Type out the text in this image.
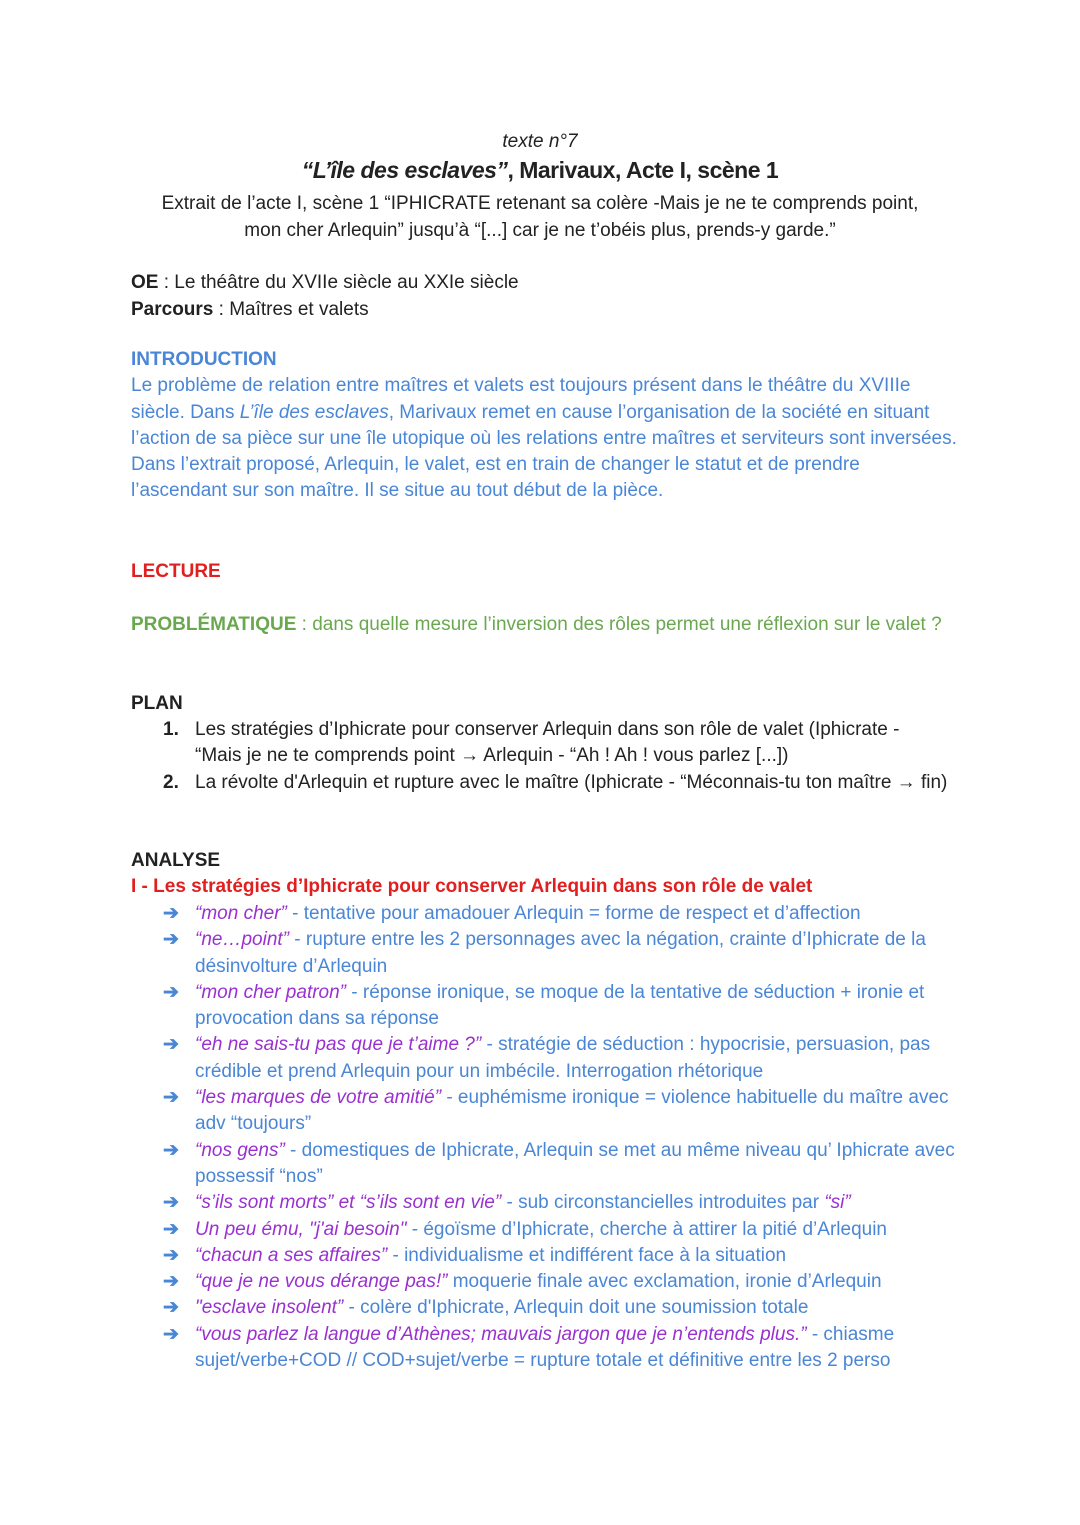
texte n°7
“L’île des esclaves”, Marivaux, Acte I, scène 1
Extrait de l’acte I, scène 1 “IPHICRATE retenant sa colère -Mais je ne te comprends point,
mon cher Arlequin” jusqu’à “[...] car je ne t’obéis plus, prends-y garde.”
OE : Le théâtre du XVIIe siècle au XXIe siècle
Parcours : Maîtres et valets
INTRODUCTION
Le problème de relation entre maîtres et valets est toujours présent dans le théâtre du XVIIIe siècle. Dans L’île des esclaves, Marivaux remet en cause l’organisation de la société en situant l’action de sa pièce sur une île utopique où les relations entre maîtres et serviteurs sont inversées.
Dans l’extrait proposé, Arlequin, le valet, est en train de changer le statut et de prendre l’ascendant sur son maître. Il se situe au tout début de la pièce.
LECTURE
PROBLÉMATIQUE : dans quelle mesure l’inversion des rôles permet une réflexion sur le valet ?
PLAN
1. Les stratégies d’Iphicrate pour conserver Arlequin dans son rôle de valet (Iphicrate - “Mais je ne te comprends point → Arlequin - “Ah ! Ah ! vous parlez [...])
2. La révolte d'Arlequin et rupture avec le maître (Iphicrate - “Méconnais-tu ton maître → fin)
ANALYSE
I - Les stratégies d’Iphicrate pour conserver Arlequin dans son rôle de valet
➔ “mon cher” - tentative pour amadouer Arlequin = forme de respect et d’affection
➔ “ne…point” - rupture entre les 2 personnages avec la négation, crainte d’Iphicrate de la désinvolture d’Arlequin
➔ “mon cher patron” - réponse ironique, se moque de la tentative de séduction + ironie et provocation dans sa réponse
➔ “eh ne sais-tu pas que je t’aime ?” - stratégie de séduction : hypocrisie, persuasion, pas crédible et prend Arlequin pour un imbécile. Interrogation rhétorique
➔ “les marques de votre amitié” - euphémisme ironique = violence habituelle du maître avec adv “toujours”
➔ “nos gens” - domestiques de Iphicrate, Arlequin se met au même niveau qu’ Iphicrate avec possessif “nos”
➔ “s’ils sont morts” et “s’ils sont en vie” - sub circonstancielles introduites par “si”
➔ Un peu ému, "j'ai besoin" - égoïsme d’Iphicrate, cherche à attirer la pitié d’Arlequin
➔ “chacun a ses affaires” - individualisme et indifférent face à la situation
➔ “que je ne vous dérange pas!” moquerie finale avec exclamation, ironie d’Arlequin
➔ "esclave insolent” - colère d'Iphicrate, Arlequin doit une soumission totale
➔ “vous parlez la langue d’Athènes; mauvais jargon que je n’entends plus.” - chiasme sujet/verbe+COD // COD+sujet/verbe = rupture totale et définitive entre les 2 perso
